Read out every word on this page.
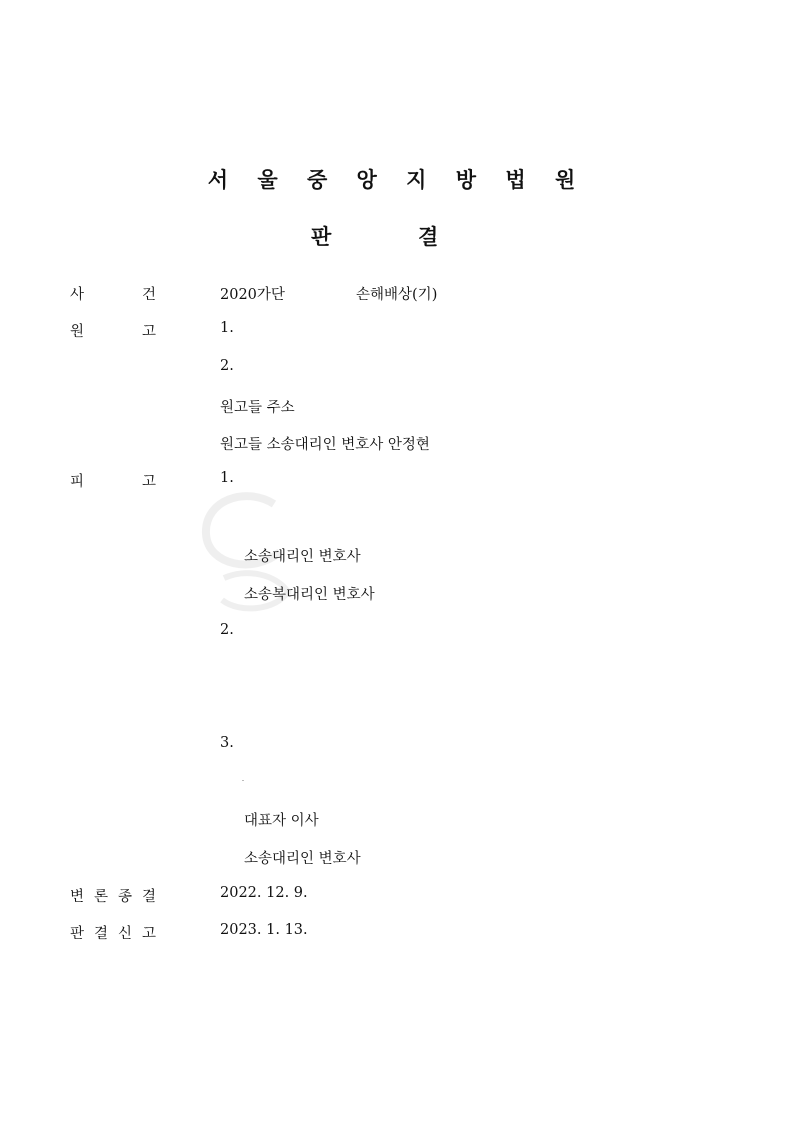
서 울 중 앙 지 방 법 원
판	결
사	건	2020가단	손해배상(기)
원	고	1.
2.
원고들 주소
원고들 소송대리인 변호사 안정현
피	고	1.
소송대리인 변호사
소송복대리인 변호사
2.
3.
대표자 이사
소송대리인 변호사
변 론 종 결	2022. 12. 9.
판 결 신 고	2023. 1. 13.
